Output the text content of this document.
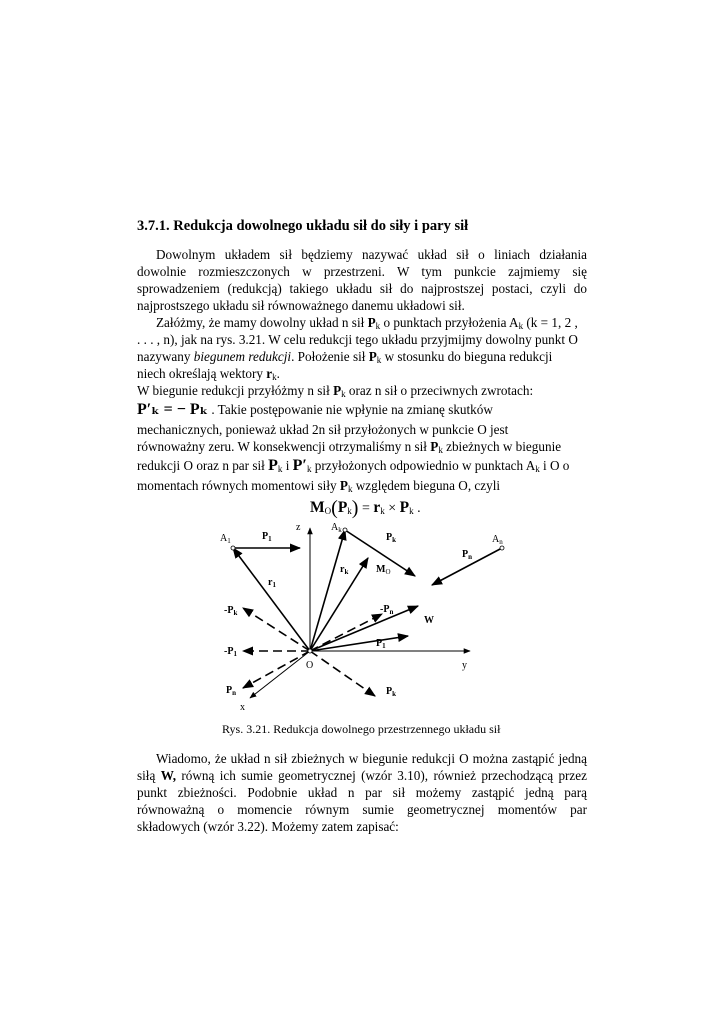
3.7.1. Redukcja dowolnego układu sił do siły i pary sił
Dowolnym układem sił będziemy nazywać układ sił o liniach działania
dowolnie rozmieszczonych w przestrzeni. W tym punkcie zajmiemy się
sprowadzeniem (redukcją) takiego układu sił do najprostszej postaci, czyli do
najprostszego układu sił równoważnego danemu układowi sił.
Załóżmy, że mamy dowolny układ n sił $P_k$ o punktach przyłożenia $A_k$ (k = 1, 2 ,
. . . , n), jak na rys. 3.21. W celu redukcji tego układu przyjmijmy dowolny punkt O
nazywany biegunem redukcji. Położenie sił $P_k$ w stosunku do bieguna redukcji
niech określają wektory $r_k$.
W biegunie redukcji przyłóżmy n sił $P_k$ oraz n sił o przeciwnych zwrotach:
P′ₖ = − Pₖ . Takie postępowanie nie wpłynie na zmianę skutków
mechanicznych, ponieważ układ 2n sił przyłożonych w punkcie O jest
równoważny zeru. W konsekwencji otrzymaliśmy n sił $P_k$ zbieżnych w biegunie
redukcji O oraz n par sił $P_k$ i $P'_k$ przyłożonych odpowiednio w punktach $A_k$ i O o
momentach równych momentowi siły $P_k$ względem bieguna O, czyli
$M_O(P_k) = r_k \times P_k$ .
$A_1$	$P_1$
z	$A_k$
$P_k$	$A_n$
$P_n$
$r_k$	$M_O$
$r_1$
$-P_k$	$-P_n$
W
$P_1$
$-P_1$
O	y
$P_n$	$P_k$
x
Rys. 3.21. Redukcja dowolnego przestrzennego układu sił
Wiadomo, że układ n sił zbieżnych w biegunie redukcji O można zastąpić jedną
siłą W, równą ich sumie geometrycznej (wzór 3.10), również przechodzącą przez
punkt zbieżności. Podobnie układ n par sił możemy zastąpić jedną parą
równoważną o momencie równym sumie geometrycznej momentów par
składowych (wzór 3.22). Możemy zatem zapisać:
